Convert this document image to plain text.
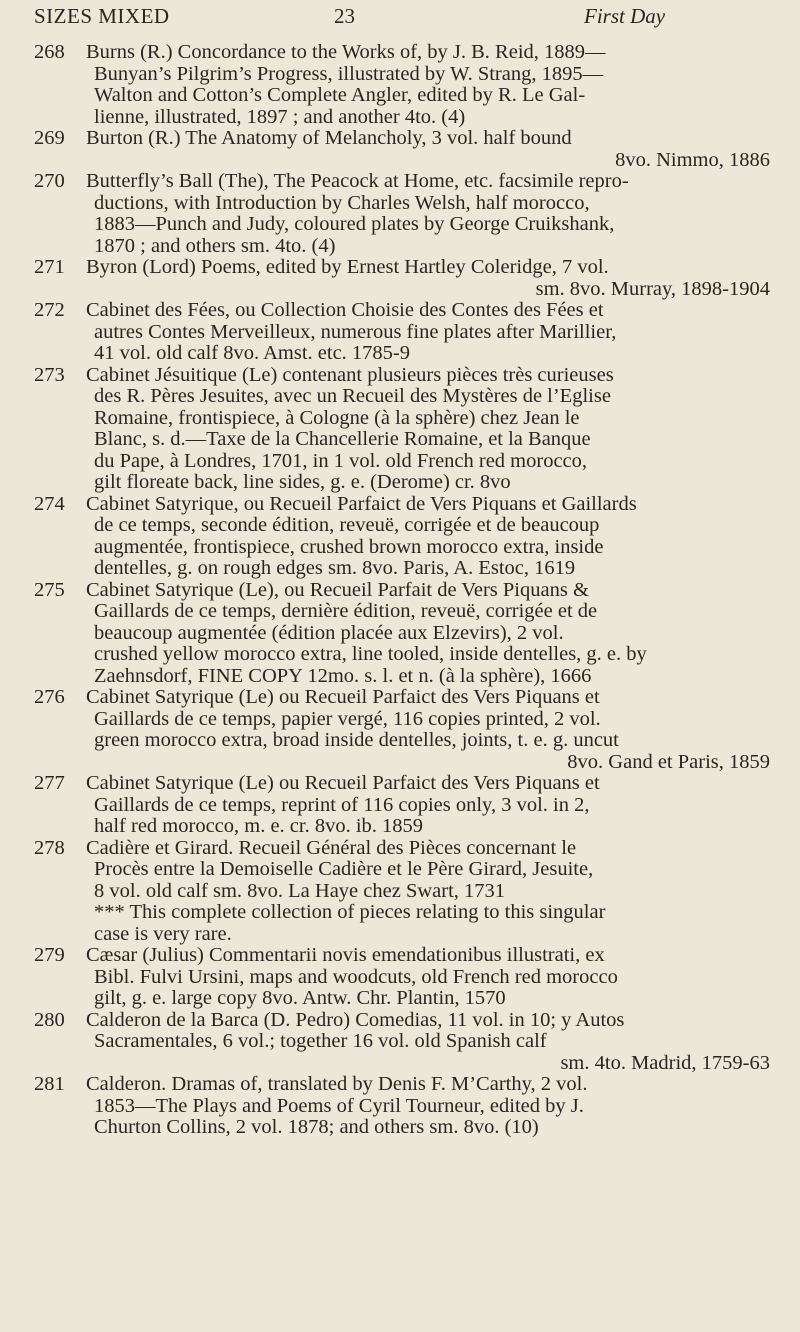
SIZES MIXED	23	First Day
268	Burns (R.) Concordance to the Works of, by J. B. Reid, 1889—
Bunyan’s Pilgrim’s Progress, illustrated by W. Strang, 1895—
Walton and Cotton’s Complete Angler, edited by R. Le Gal-
lienne, illustrated, 1897 ; and another 4to. (4)
269	Burton (R.) The Anatomy of Melancholy, 3 vol. half bound
8vo. Nimmo, 1886
270	Butterfly’s Ball (The), The Peacock at Home, etc. facsimile repro-
ductions, with Introduction by Charles Welsh, half morocco,
1883—Punch and Judy, coloured plates by George Cruikshank,
1870 ; and others sm. 4to. (4)
271	Byron (Lord) Poems, edited by Ernest Hartley Coleridge, 7 vol.
sm. 8vo. Murray, 1898-1904
272	Cabinet des Fées, ou Collection Choisie des Contes des Fées et
autres Contes Merveilleux, numerous fine plates after Marillier,
41 vol. old calf 8vo. Amst. etc. 1785-9
273	Cabinet Jésuitique (Le) contenant plusieurs pièces très curieuses
des R. Pères Jesuites, avec un Recueil des Mystères de l’Eglise
Romaine, frontispiece, à Cologne (à la sphère) chez Jean le
Blanc, s. d.—Taxe de la Chancellerie Romaine, et la Banque
du Pape, à Londres, 1701, in 1 vol. old French red morocco,
gilt floreate back, line sides, g. e. (Derome) cr. 8vo
274	Cabinet Satyrique, ou Recueil Parfaict de Vers Piquans et Gaillards
de ce temps, seconde édition, reveuë, corrigée et de beaucoup
augmentée, frontispiece, crushed brown morocco extra, inside
dentelles, g. on rough edges sm. 8vo. Paris, A. Estoc, 1619
275	Cabinet Satyrique (Le), ou Recueil Parfait de Vers Piquans &
Gaillards de ce temps, dernière édition, reveuë, corrigée et de
beaucoup augmentée (édition placée aux Elzevirs), 2 vol.
crushed yellow morocco extra, line tooled, inside dentelles, g. e. by
Zaehnsdorf, FINE COPY 12mo. s. l. et n. (à la sphère), 1666
276	Cabinet Satyrique (Le) ou Recueil Parfaict des Vers Piquans et
Gaillards de ce temps, papier vergé, 116 copies printed, 2 vol.
green morocco extra, broad inside dentelles, joints, t. e. g. uncut
8vo. Gand et Paris, 1859
277	Cabinet Satyrique (Le) ou Recueil Parfaict des Vers Piquans et
Gaillards de ce temps, reprint of 116 copies only, 3 vol. in 2,
half red morocco, m. e. cr. 8vo. ib. 1859
278	Cadière et Girard. Recueil Général des Pièces concernant le
Procès entre la Demoiselle Cadière et le Père Girard, Jesuite,
8 vol. old calf sm. 8vo. La Haye chez Swart, 1731
*** This complete collection of pieces relating to this singular
case is very rare.
279	Cæsar (Julius) Commentarii novis emendationibus illustrati, ex
Bibl. Fulvi Ursini, maps and woodcuts, old French red morocco
gilt, g. e. large copy 8vo. Antw. Chr. Plantin, 1570
280	Calderon de la Barca (D. Pedro) Comedias, 11 vol. in 10; y Autos
Sacramentales, 6 vol.; together 16 vol. old Spanish calf
sm. 4to. Madrid, 1759-63
281	Calderon. Dramas of, translated by Denis F. M’Carthy, 2 vol.
1853—The Plays and Poems of Cyril Tourneur, edited by J.
Churton Collins, 2 vol. 1878; and others sm. 8vo. (10)
